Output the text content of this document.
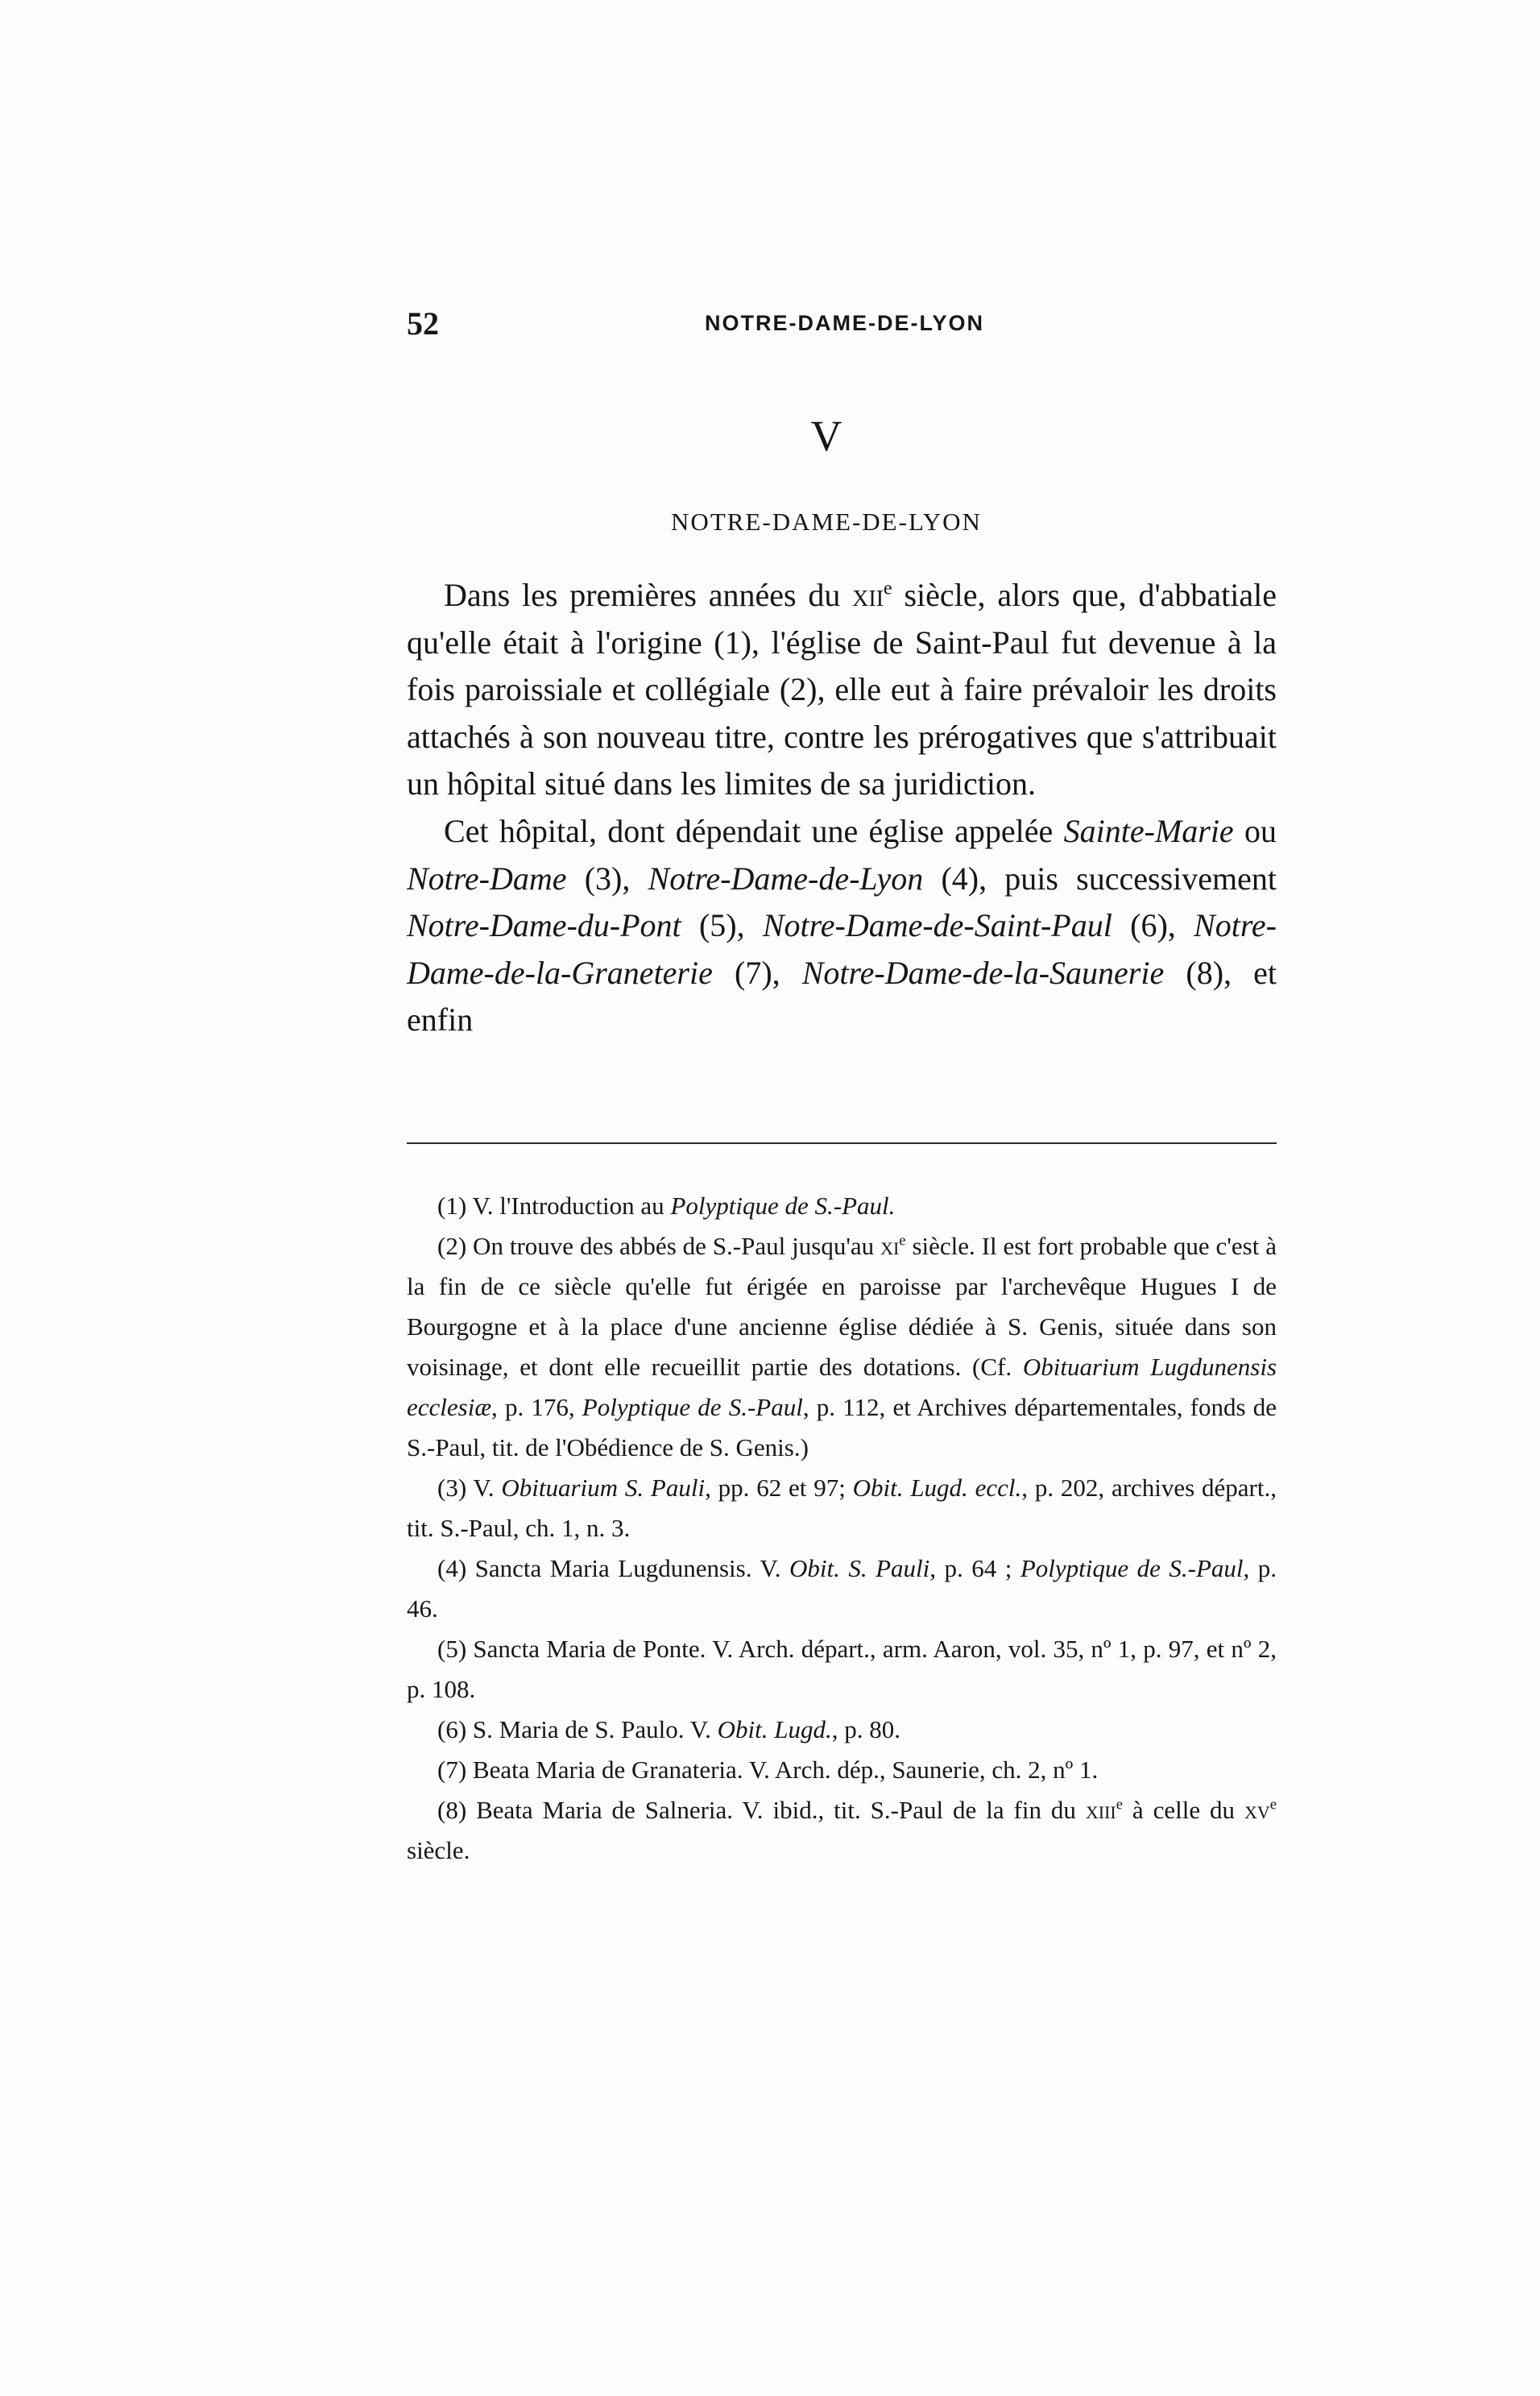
52	NOTRE-DAME-DE-LYON
V
NOTRE-DAME-DE-LYON

Dans les premières années du xii$^e$ siècle, alors que, d'abbatiale qu'elle était à l'origine (1), l'église de Saint-Paul fut devenue à la fois paroissiale et collégiale (2), elle eut à faire prévaloir les droits attachés à son nouveau titre, contre les prérogatives que s'attribuait un hôpital situé dans les limites de sa juridiction.

Cet hôpital, dont dépendait une église appelée Sainte-Marie ou Notre-Dame (3), Notre-Dame-de-Lyon (4), puis successivement Notre-Dame-du-Pont (5), Notre-Dame-de-Saint-Paul (6), Notre-Dame-de-la-Graneterie (7), Notre-Dame-de-la-Saunerie (8), et enfin

(1) V. l'Introduction au Polyptique de S.-Paul.

(2) On trouve des abbés de S.-Paul jusqu'au $xi^e$ siècle. Il est fort probable que c'est à la fin de ce siècle qu'elle fut érigée en paroisse par l'archevêque Hugues I de Bourgogne et à la place d'une ancienne église dédiée à S. Genis, située dans son voisinage, et dont elle recueillit partie des dotations. (Cf. Obituarium Lugdunensis ecclesiæ, p. 176, Polyptique de S.-Paul, p. 112, et Archives départementales, fonds de S.-Paul, tit. de l'Obédience de S. Genis.)

(3) V. Obituarium S. Pauli, pp. 62 et 97; Obit. Lugd. eccl., p. 202, archives départ., tit. S.-Paul, ch. 1, n. 3.

(4) Sancta Maria Lugdunensis. V. Obit. S. Pauli, p. 64 ; Polyptique de S.-Paul, p. 46.

(5) Sancta Maria de Ponte. V. Arch. départ., arm. Aaron, vol. 35, nº 1, p. 97, et nº 2, p. 108.

(6) S. Maria de S. Paulo. V. Obit. Lugd., p. 80.

(7) Beata Maria de Granateria. V. Arch. dép., Saunerie, ch. 2, nº 1.

(8) Beata Maria de Salneria. V. ibid., tit. S.-Paul de la fin du xiii$^e$ à celle du $xv^e$ siècle.
